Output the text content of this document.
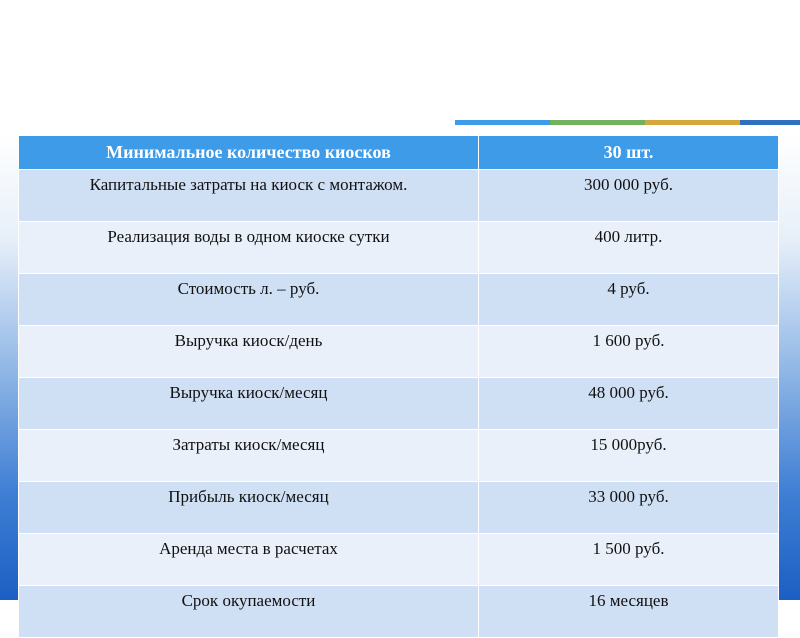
Экономика бизнеса
Минимальное количество киосков	30 шт.
Капитальные затраты на киоск с монтажом.	300 000 руб.
Реализация воды в одном киоске сутки	400 литр.
Стоимость л. – руб.	4 руб.
Выручка киоск/день	1 600 руб.
Выручка киоск/месяц	48 000 руб.
Затраты киоск/месяц	15 000руб.
Прибыль киоск/месяц	33 000 руб.
Аренда места в расчетах	1 500 руб.
Срок окупаемости	16 месяцев
